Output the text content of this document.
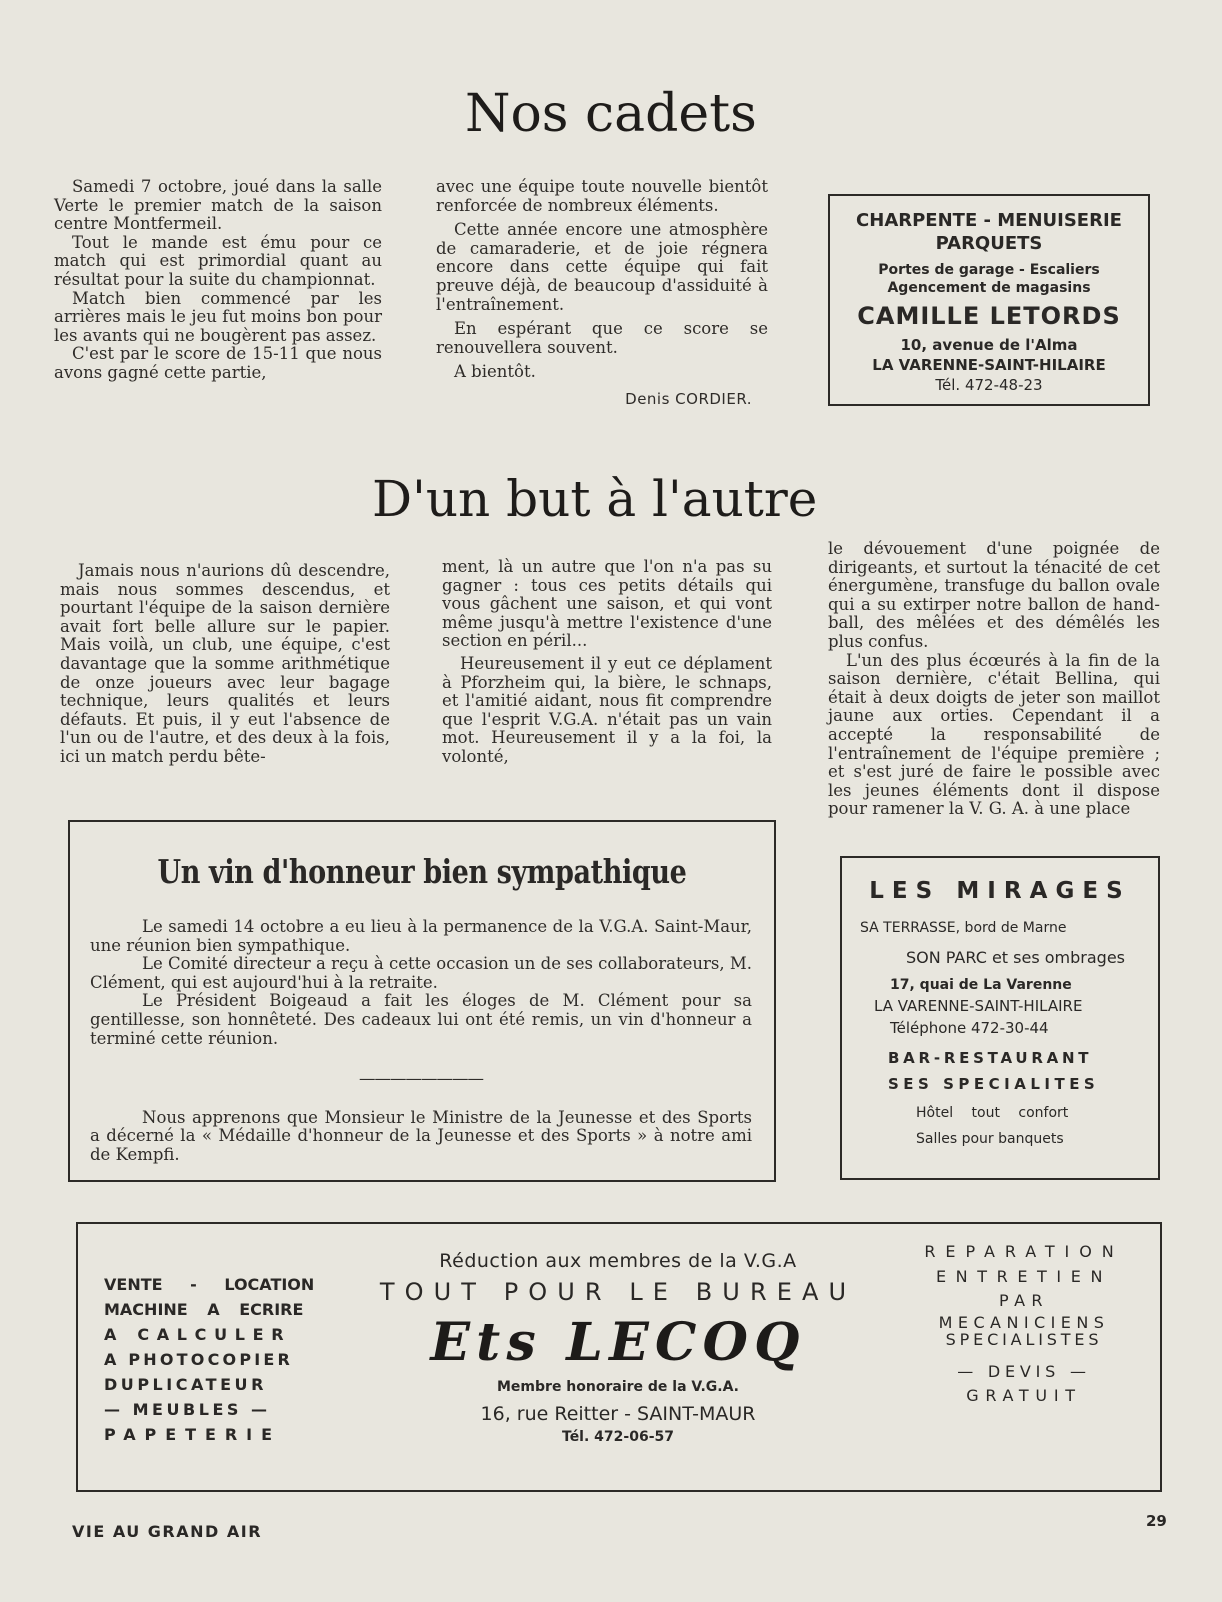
Nos cadets

Samedi 7 octobre, joué dans la salle Verte le premier match de la saison centre Montfermeil.

Tout le mande est ému pour ce match qui est primordial quant au résultat pour la suite du championnat.

Match bien commencé par les arrières mais le jeu fut moins bon pour les avants qui ne bougèrent pas assez.

C'est par le score de 15-11 que nous avons gagné cette partie,

avec une équipe toute nouvelle bientôt renforcée de nombreux éléments.

Cette année encore une atmosphère de camaraderie, et de joie régnera encore dans cette équipe qui fait preuve déjà, de beaucoup d'assiduité à l'entraînement.

En espérant que ce score se renouvellera souvent.

A bientôt.

Denis CORDIER.
CHARPENTE - MENUISERIE
PARQUETS
Portes de garage - Escaliers
Agencement de magasins
CAMILLE LETORDS
10, avenue de l'Alma
LA VARENNE-SAINT-HILAIRE
Tél. 472-48-23
D'un but à l'autre

Jamais nous n'aurions dû descendre, mais nous sommes descendus, et pourtant l'équipe de la saison dernière avait fort belle allure sur le papier. Mais voilà, un club, une équipe, c'est davantage que la somme arithmétique de onze joueurs avec leur bagage technique, leurs qualités et leurs défauts. Et puis, il y eut l'absence de l'un ou de l'autre, et des deux à la fois, ici un match perdu bête-

ment, là un autre que l'on n'a pas su gagner : tous ces petits détails qui vous gâchent une saison, et qui vont même jusqu'à mettre l'existence d'une section en péril...

Heureusement il y eut ce déplament à Pforzheim qui, la bière, le schnaps, et l'amitié aidant, nous fit comprendre que l'esprit V.G.A. n'était pas un vain mot. Heureusement il y a la foi, la volonté,

le dévouement d'une poignée de dirigeants, et surtout la ténacité de cet énergumène, transfuge du ballon ovale qui a su extirper notre ballon de hand-ball, des mêlées et des démêlés les plus confus.

L'un des plus écœurés à la fin de la saison dernière, c'était Bellina, qui était à deux doigts de jeter son maillot jaune aux orties. Cependant il a accepté la responsabilité de l'entraînement de l'équipe première ; et s'est juré de faire le possible avec les jeunes éléments dont il dispose pour ramener la V. G. A. à une place

Un vin d'honneur bien sympathique

Le samedi 14 octobre a eu lieu à la permanence de la V.G.A. Saint-Maur, une réunion bien sympathique.

Le Comité directeur a reçu à cette occasion un de ses collaborateurs, M. Clément, qui est aujourd'hui à la retraite.

Le Président Boigeaud a fait les éloges de M. Clément pour sa gentillesse, son honnêteté. Des cadeaux lui ont été remis, un vin d'honneur a terminé cette réunion.

————————

Nous apprenons que Monsieur le Ministre de la Jeunesse et des Sports a décerné la « Médaille d'honneur de la Jeunesse et des Sports » à notre ami de Kempfi.

LES MIRAGES
SA TERRASSE, bord de Marne
SON PARC et ses ombrages
17, quai de La Varenne
LA VARENNE-SAINT-HILAIRE
Téléphone 472-30-44
BAR-RESTAURANT
SES SPECIALITES
Hôtel tout confort
Salles pour banquets
VENTE - LOCATION
MACHINE A ECRIRE
A CALCULER
A PHOTOCOPIER
DUPLICATEUR
— MEUBLES —
PAPETERIE
Réduction aux membres de la V.G.A
TOUT POUR LE BUREAU
Ets LECOQ
Membre honoraire de la V.G.A.
16, rue Reitter - SAINT-MAUR
Tél. 472-06-57
REPARATION
ENTRETIEN
PAR
MECANICIENS
SPECIALISTES
— DEVIS —
GRATUIT
VIE AU GRAND AIR
29
